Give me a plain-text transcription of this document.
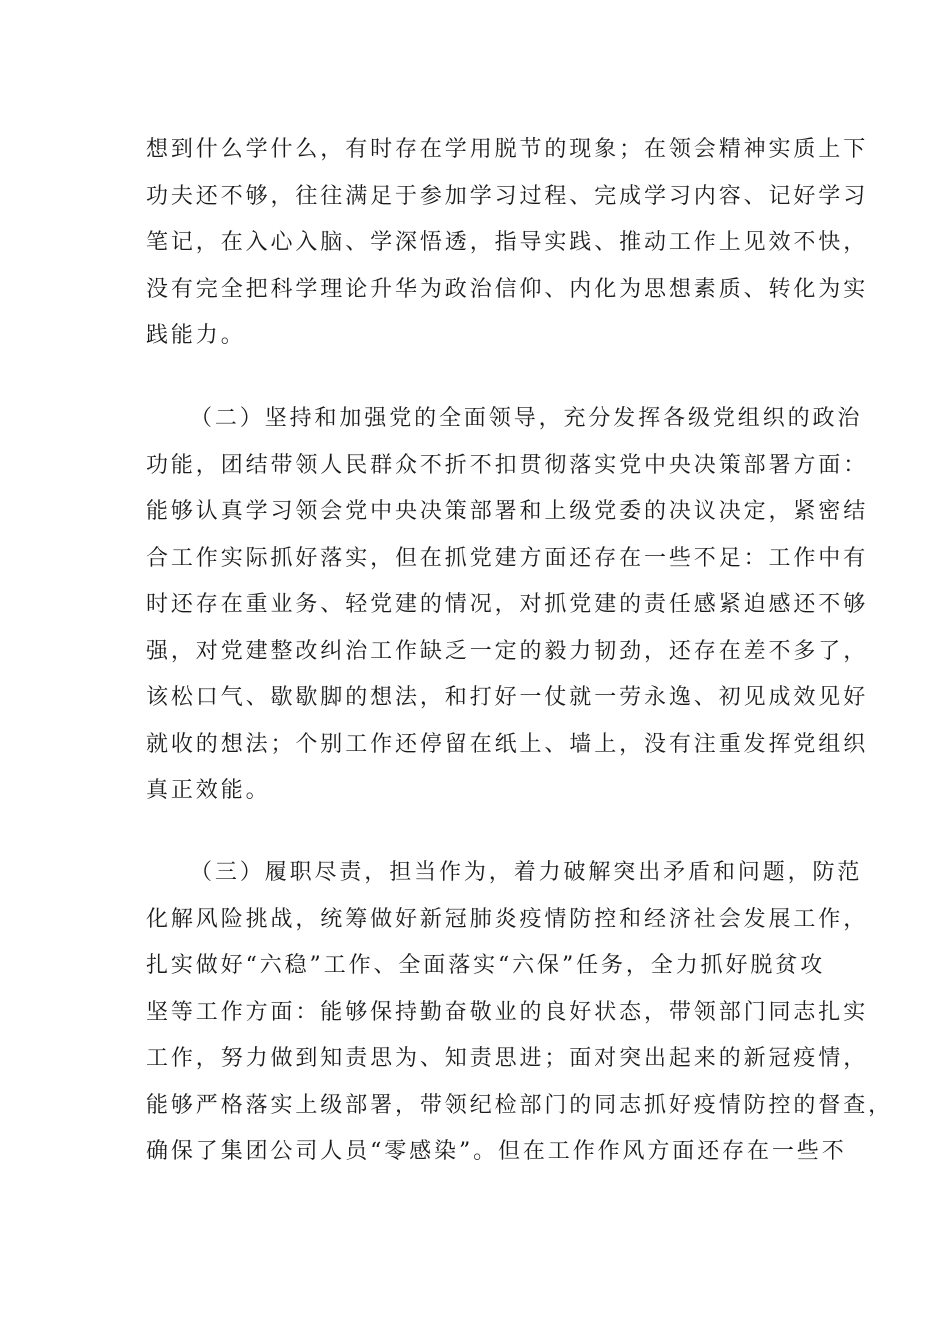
想到什么学什么，有时存在学用脱节的现象；在领会精神实质上下
功夫还不够，往往满足于参加学习过程、完成学习内容、记好学习
笔记，在入心入脑、学深悟透，指导实践、推动工作上见效不快，
没有完全把科学理论升华为政治信仰、内化为思想素质、转化为实
践能力。
（二）坚持和加强党的全面领导，充分发挥各级党组织的政治
功能，团结带领人民群众不折不扣贯彻落实党中央决策部署方面：
能够认真学习领会党中央决策部署和上级党委的决议决定，紧密结
合工作实际抓好落实，但在抓党建方面还存在一些不足：工作中有
时还存在重业务、轻党建的情况，对抓党建的责任感紧迫感还不够
强，对党建整改纠治工作缺乏一定的毅力韧劲，还存在差不多了，
该松口气、歇歇脚的想法，和打好一仗就一劳永逸、初见成效见好
就收的想法；个别工作还停留在纸上、墙上，没有注重发挥党组织
真正效能。
（三）履职尽责，担当作为，着力破解突出矛盾和问题，防范
化解风险挑战，统筹做好新冠肺炎疫情防控和经济社会发展工作，
扎实做好“六稳”工作、全面落实“六保”任务，全力抓好脱贫攻
坚等工作方面：能够保持勤奋敬业的良好状态，带领部门同志扎实
工作，努力做到知责思为、知责思进；面对突出起来的新冠疫情，
能够严格落实上级部署，带领纪检部门的同志抓好疫情防控的督查，
确保了集团公司人员“零感染”。但在工作作风方面还存在一些不
